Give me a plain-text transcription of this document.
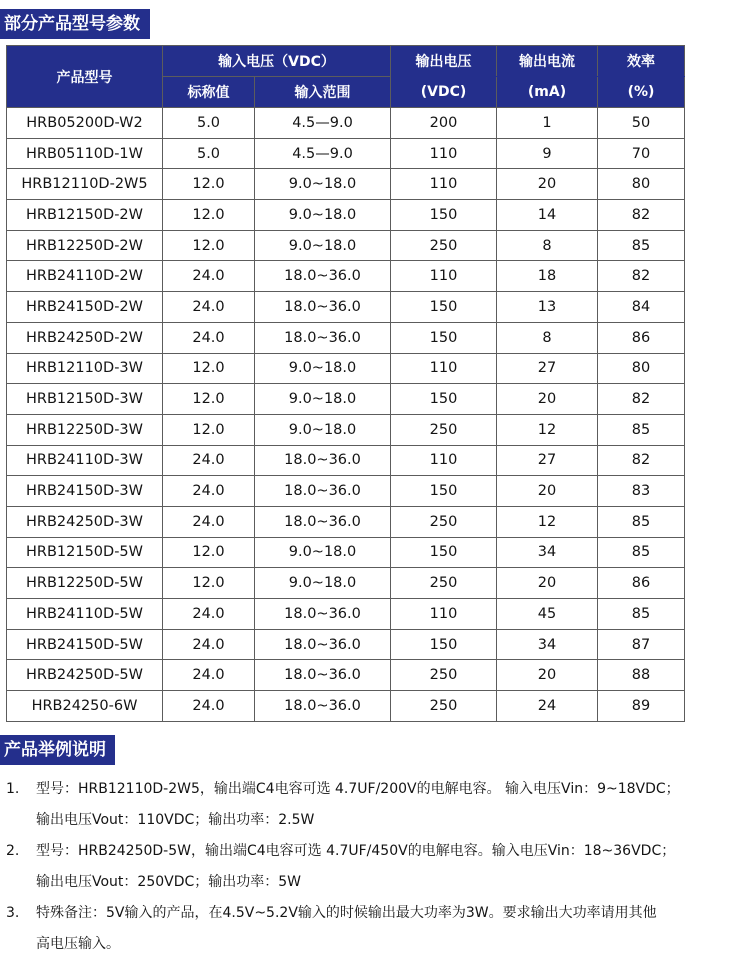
部分产品型号参数
产品型号	输入电压（VDC）		输出电压	输出电流	效率
	标称值	输入范围	(VDC)	(mA)	(%)
HRB05200D-W2	5.0	4.5—9.0	200	1	50
HRB05110D-1W	5.0	4.5—9.0	110	9	70
HRB12110D-2W5	12.0	9.0~18.0	110	20	80
HRB12150D-2W	12.0	9.0~18.0	150	14	82
HRB12250D-2W	12.0	9.0~18.0	250	8	85
HRB24110D-2W	24.0	18.0~36.0	110	18	82
HRB24150D-2W	24.0	18.0~36.0	150	13	84
HRB24250D-2W	24.0	18.0~36.0	150	8	86
HRB12110D-3W	12.0	9.0~18.0	110	27	80
HRB12150D-3W	12.0	9.0~18.0	150	20	82
HRB12250D-3W	12.0	9.0~18.0	250	12	85
HRB24110D-3W	24.0	18.0~36.0	110	27	82
HRB24150D-3W	24.0	18.0~36.0	150	20	83
HRB24250D-3W	24.0	18.0~36.0	250	12	85
HRB12150D-5W	12.0	9.0~18.0	150	34	85
HRB12250D-5W	12.0	9.0~18.0	250	20	86
HRB24110D-5W	24.0	18.0~36.0	110	45	85
HRB24150D-5W	24.0	18.0~36.0	150	34	87
HRB24250D-5W	24.0	18.0~36.0	250	20	88
HRB24250-6W	24.0	18.0~36.0	250	24	89
产品举例说明
1. 型号：HRB12110D-2W5，输出端C4电容可选 4.7UF/200V的电解电容。 输入电压Vin：9~18VDC；
输出电压Vout：110VDC；输出功率：2.5W
2. 型号：HRB24250D-5W，输出端C4电容可选 4.7UF/450V的电解电容。输入电压Vin：18~36VDC；
输出电压Vout：250VDC；输出功率：5W
3. 特殊备注：5V输入的产品，在4.5V~5.2V输入的时候输出最大功率为3W。要求输出大功率请用其他
高电压输入。
